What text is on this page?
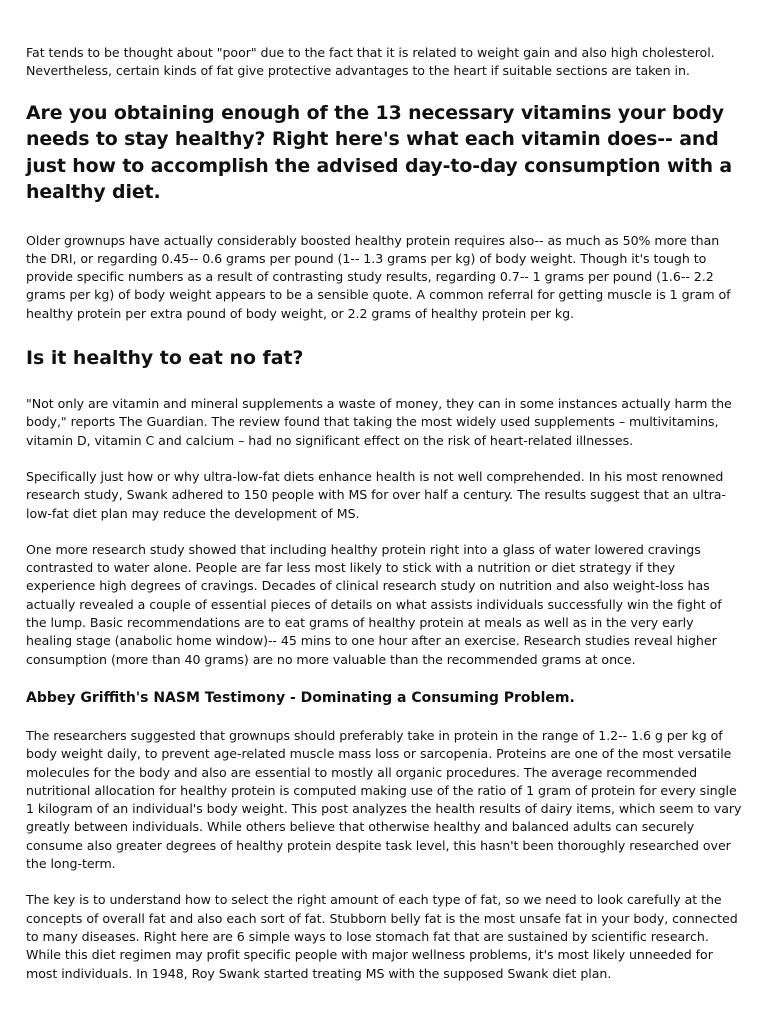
Fat tends to be thought about "poor" due to the fact that it is related to weight gain and also high cholesterol. Nevertheless, certain kinds of fat give protective advantages to the heart if suitable sections are taken in.

Are you obtaining enough of the 13 necessary vitamins your body needs to stay healthy? Right here's what each vitamin does-- and just how to accomplish the advised day-to-day consumption with a healthy diet.

Older grownups have actually considerably boosted healthy protein requires also-- as much as 50% more than the DRI, or regarding 0.45-- 0.6 grams per pound (1-- 1.3 grams per kg) of body weight. Though it's tough to provide specific numbers as a result of contrasting study results, regarding 0.7-- 1 grams per pound (1.6-- 2.2 grams per kg) of body weight appears to be a sensible quote. A common referral for getting muscle is 1 gram of healthy protein per extra pound of body weight, or 2.2 grams of healthy protein per kg.

Is it healthy to eat no fat?

"Not only are vitamin and mineral supplements a waste of money, they can in some instances actually harm the body," reports The Guardian. The review found that taking the most widely used supplements – multivitamins, vitamin D, vitamin C and calcium – had no significant effect on the risk of heart-related illnesses.

Specifically just how or why ultra-low-fat diets enhance health is not well comprehended. In his most renowned research study, Swank adhered to 150 people with MS for over half a century. The results suggest that an ultra-low-fat diet plan may reduce the development of MS.

One more research study showed that including healthy protein right into a glass of water lowered cravings contrasted to water alone. People are far less most likely to stick with a nutrition or diet strategy if they experience high degrees of cravings. Decades of clinical research study on nutrition and also weight-loss has actually revealed a couple of essential pieces of details on what assists individuals successfully win the fight of the lump. Basic recommendations are to eat grams of healthy protein at meals as well as in the very early healing stage (anabolic home window)-- 45 mins to one hour after an exercise. Research studies reveal higher consumption (more than 40 grams) are no more valuable than the recommended grams at once.

Abbey Griffith's NASM Testimony - Dominating a Consuming Problem.

The researchers suggested that grownups should preferably take in protein in the range of 1.2-- 1.6 g per kg of body weight daily, to prevent age-related muscle mass loss or sarcopenia. Proteins are one of the most versatile molecules for the body and also are essential to mostly all organic procedures. The average recommended nutritional allocation for healthy protein is computed making use of the ratio of 1 gram of protein for every single 1 kilogram of an individual's body weight. This post analyzes the health results of dairy items, which seem to vary greatly between individuals. While others believe that otherwise healthy and balanced adults can securely consume also greater degrees of healthy protein despite task level, this hasn't been thoroughly researched over the long-term.

The key is to understand how to select the right amount of each type of fat, so we need to look carefully at the concepts of overall fat and also each sort of fat. Stubborn belly fat is the most unsafe fat in your body, connected to many diseases. Right here are 6 simple ways to lose stomach fat that are sustained by scientific research. While this diet regimen may profit specific people with major wellness problems, it's most likely unneeded for most individuals. In 1948, Roy Swank started treating MS with the supposed Swank diet plan.
